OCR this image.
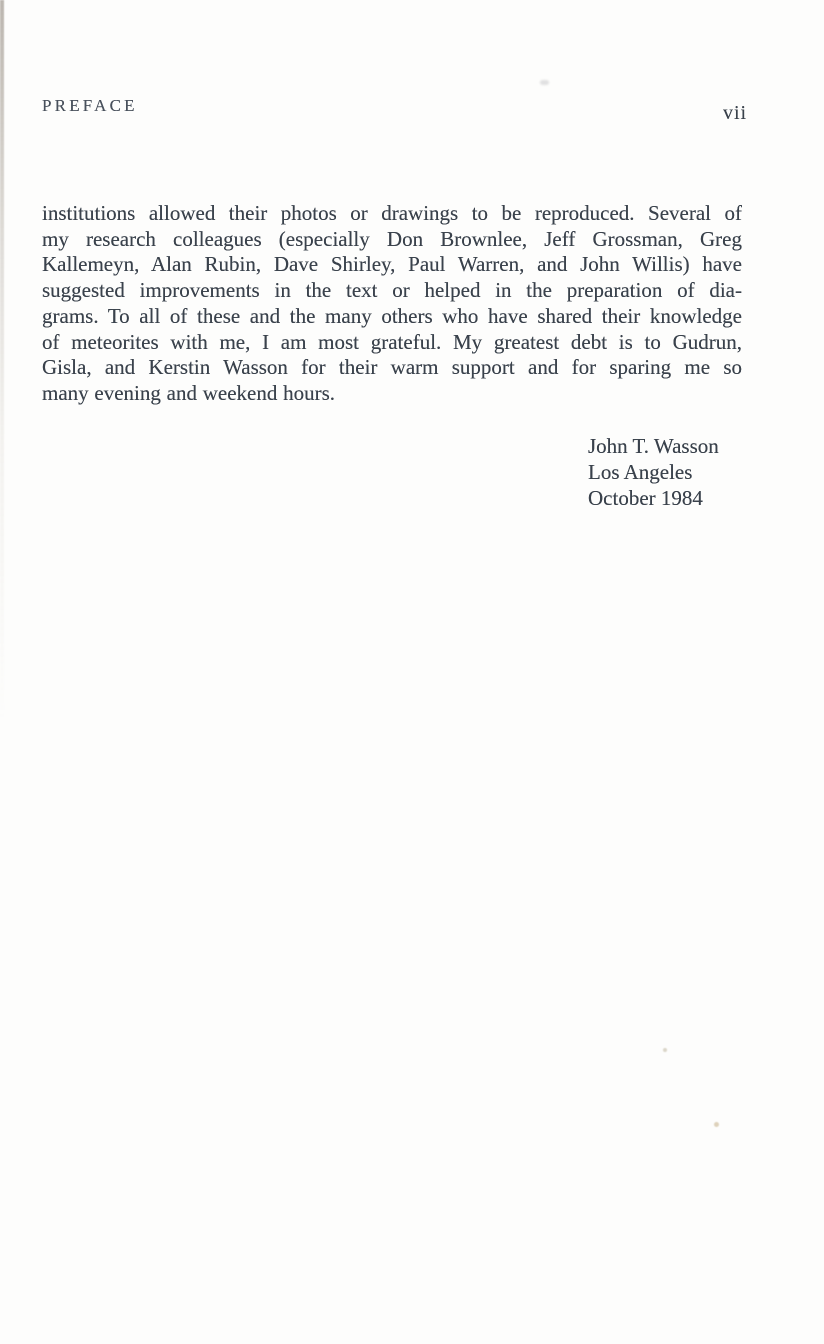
PREFACE	vii
institutions allowed their photos or drawings to be reproduced. Several of
my research colleagues (especially Don Brownlee, Jeff Grossman, Greg
Kallemeyn, Alan Rubin, Dave Shirley, Paul Warren, and John Willis) have
suggested improvements in the text or helped in the preparation of dia-
grams. To all of these and the many others who have shared their knowledge
of meteorites with me, I am most grateful. My greatest debt is to Gudrun,
Gisla, and Kerstin Wasson for their warm support and for sparing me so
many evening and weekend hours.
John T. Wasson
Los Angeles
October 1984
